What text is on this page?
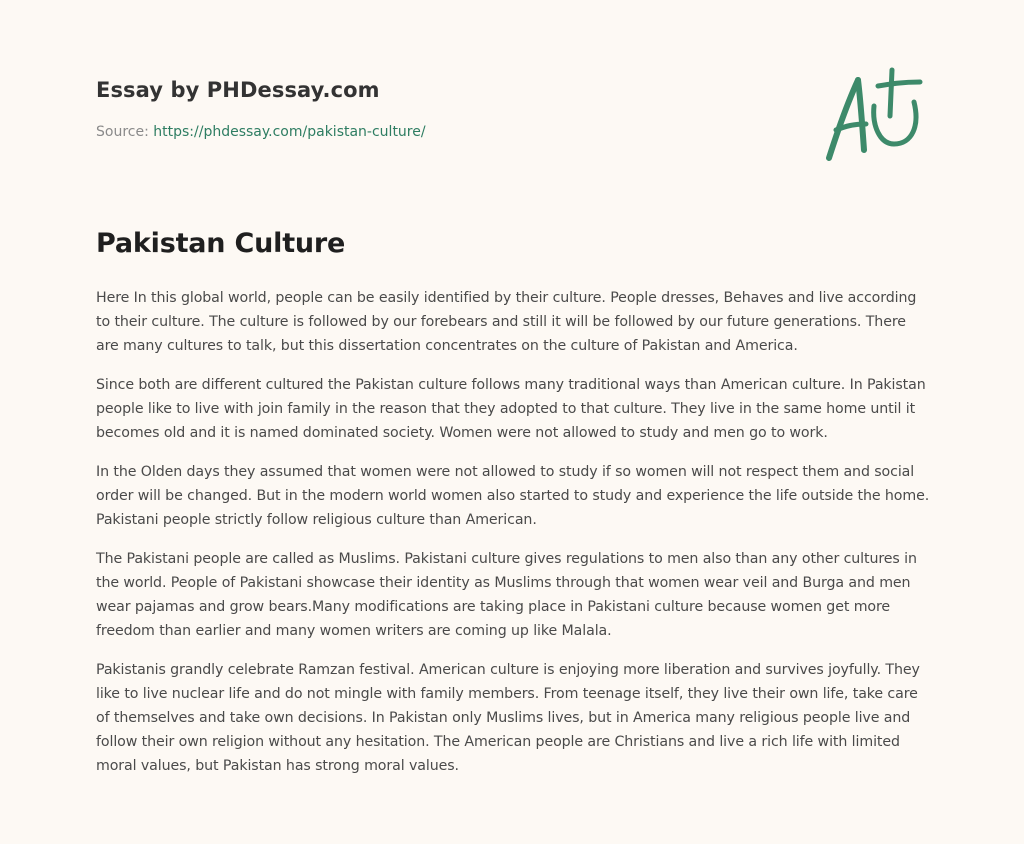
Essay by PHDessay.com
Source: https://phdessay.com/pakistan-culture/
Pakistan Culture

Here In this global world, people can be easily identified by their culture. People dresses, Behaves and live according to their culture. The culture is followed by our forebears and still it will be followed by our future generations. There are many cultures to talk, but this dissertation concentrates on the culture of Pakistan and America.

Since both are different cultured the Pakistan culture follows many traditional ways than American culture. In Pakistan people like to live with join family in the reason that they adopted to that culture. They live in the same home until it becomes old and it is named dominated society. Women were not allowed to study and men go to work.

In the Olden days they assumed that women were not allowed to study if so women will not respect them and social order will be changed. But in the modern world women also started to study and experience the life outside the home. Pakistani people strictly follow religious culture than American.

The Pakistani people are called as Muslims. Pakistani culture gives regulations to men also than any other cultures in the world. People of Pakistani showcase their identity as Muslims through that women wear veil and Burga and men wear pajamas and grow bears.Many modifications are taking place in Pakistani culture because women get more freedom than earlier and many women writers are coming up like Malala.

Pakistanis grandly celebrate Ramzan festival. American culture is enjoying more liberation and survives joyfully. They like to live nuclear life and do not mingle with family members. From teenage itself, they live their own life, take care of themselves and take own decisions. In Pakistan only Muslims lives, but in America many religious people live and follow their own religion without any hesitation. The American people are Christians and live a rich life with limited moral values, but Pakistan has strong moral values.
